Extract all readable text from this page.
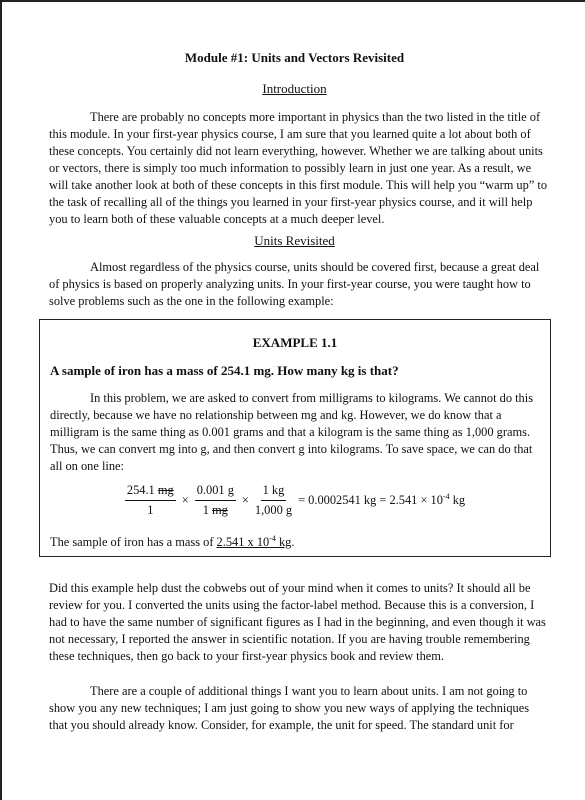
Module #1: Units and Vectors Revisited
Introduction

There are probably no concepts more important in physics than the two listed in the title of this module. In your first-year physics course, I am sure that you learned quite a lot about both of these concepts. You certainly did not learn everything, however. Whether we are talking about units or vectors, there is simply too much information to possibly learn in just one year. As a result, we will take another look at both of these concepts in this first module. This will help you “warm up” to the task of recalling all of the things you learned in your first-year physics course, and it will help you to learn both of these valuable concepts at a much deeper level.

Units Revisited

Almost regardless of the physics course, units should be covered first, because a great deal of physics is based on properly analyzing units. In your first-year course, you were taught how to solve problems such as the one in the following example:

EXAMPLE 1.1
A sample of iron has a mass of 254.1 mg. How many kg is that?

In this problem, we are asked to convert from milligrams to kilograms. We cannot do this directly, because we have no relationship between mg and kg. However, we do know that a milligram is the same thing as 0.001 grams and that a kilogram is the same thing as 1,000 grams. Thus, we can convert mg into g, and then convert g into kilograms. To save space, we can do that all on one line:

$\frac{254.1 mg}{1} \times \frac{0.001 g}{1 mg} \times \frac{1 kg}{1,000 g} = 0.0002541$ kg = $2.541 \times 10^{-4}$ kg
The sample of iron has a mass of 2.541 x $10^{-4}$ kg.

Did this example help dust the cobwebs out of your mind when it comes to units? It should all be review for you. I converted the units using the factor-label method. Because this is a conversion, I had to have the same number of significant figures as I had in the beginning, and even though it was not necessary, I reported the answer in scientific notation. If you are having trouble remembering these techniques, then go back to your first-year physics book and review them.

There are a couple of additional things I want you to learn about units. I am not going to show you any new techniques; I am just going to show you new ways of applying the techniques that you should already know. Consider, for example, the unit for speed. The standard unit for
